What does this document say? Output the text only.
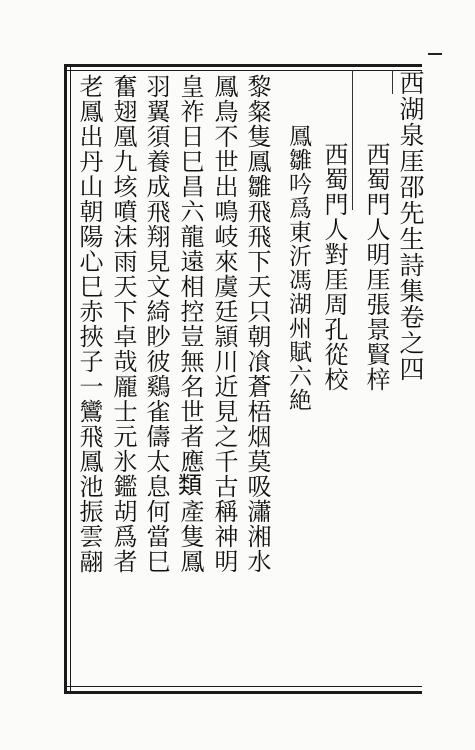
西湖泉厓邵先生詩集卷之四
西蜀門人明厓張景賢梓
西蜀門人對厓周孔從校
鳳雛吟爲東沂馮湖州賦六絶
黎粲隻鳳雛飛飛下天只朝飡蒼梧烟莫吸瀟湘水
鳳鳥不世出鳴岐來虞廷頴川近見之千古稱神明
皇祚日巳昌六龍遠相控豈無名世者應𩔖產隻鳳
羽翼須養成飛翔見文綺眇彼鷄雀儔太息何當巳
奮翅凰九垓噴沫雨天下卓哉龎士元氷鑑胡爲者
老鳳出丹山朝陽心巳赤挾子一鸞飛鳳池振雲翮
